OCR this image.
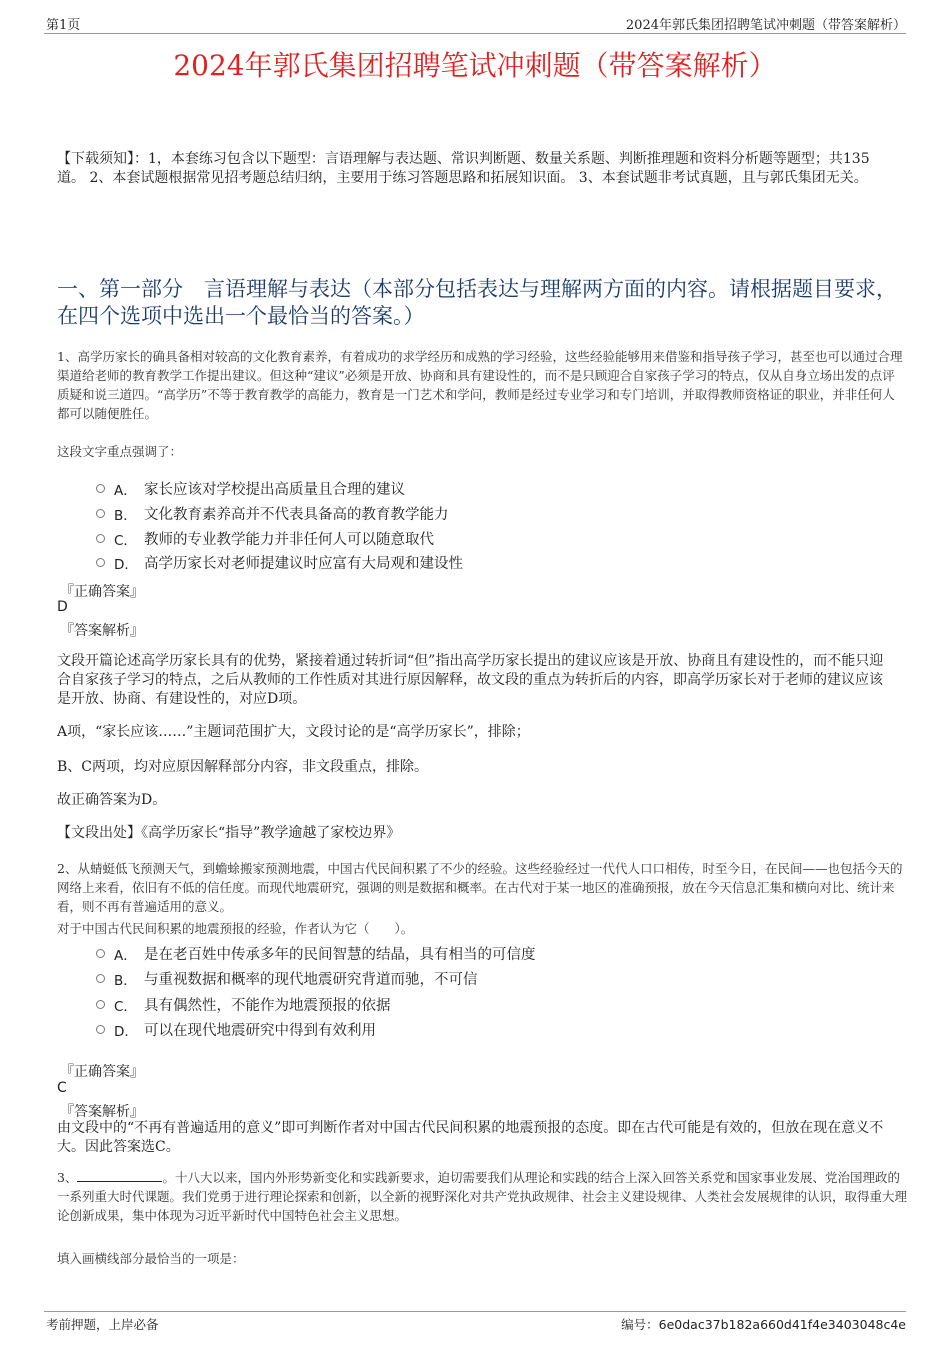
第1页	2024年郭氏集团招聘笔试冲刺题（带答案解析）
2024年郭氏集团招聘笔试冲刺题（带答案解析）
【下载须知】：1，本套练习包含以下题型：言语理解与表达题、常识判断题、数量关系题、判断推理题和资料分析题等题型；共135道。 2、本套试题根据常见招考题总结归纳，主要用于练习答题思路和拓展知识面。 3、本套试题非考试真题，且与郭氏集团无关。
一、第一部分　言语理解与表达（本部分包括表达与理解两方面的内容。请根据题目要求，在四个选项中选出一个最恰当的答案。）
1、高学历家长的确具备相对较高的文化教育素养，有着成功的求学经历和成熟的学习经验，这些经验能够用来借鉴和指导孩子学习，甚至也可以通过合理渠道给老师的教育教学工作提出建议。但这种“建议”必须是开放、协商和具有建设性的，而不是只顾迎合自家孩子学习的特点，仅从自身立场出发的点评质疑和说三道四。“高学历”不等于教育教学的高能力，教育是一门艺术和学问，教师是经过专业学习和专门培训，并取得教师资格证的职业，并非任何人都可以随便胜任。
这段文字重点强调了：
A． 家长应该对学校提出高质量且合理的建议
B． 文化教育素养高并不代表具备高的教育教学能力
C． 教师的专业教学能力并非任何人可以随意取代
D． 高学历家长对老师提建议时应富有大局观和建设性
『正确答案』
D
『答案解析』
文段开篇论述高学历家长具有的优势，紧接着通过转折词“但”指出高学历家长提出的建议应该是开放、协商且有建设性的，而不能只迎合自家孩子学习的特点，之后从教师的工作性质对其进行原因解释，故文段的重点为转折后的内容，即高学历家长对于老师的建议应该是开放、协商、有建设性的，对应D项。
A项，“家长应该……”主题词范围扩大，文段讨论的是“高学历家长”，排除；
B、C两项，均对应原因解释部分内容，非文段重点，排除。
故正确答案为D。
【文段出处】《高学历家长“指导”教学逾越了家校边界》
2、从蜻蜓低飞预测天气，到蟾蜍搬家预测地震，中国古代民间积累了不少的经验。这些经验经过一代代人口口相传，时至今日，在民间——也包括今天的网络上来看，依旧有不低的信任度。而现代地震研究，强调的则是数据和概率。在古代对于某一地区的准确预报，放在今天信息汇集和横向对比、统计来看，则不再有普遍适用的意义。
对于中国古代民间积累的地震预报的经验，作者认为它（　　）。
A． 是在老百姓中传承多年的民间智慧的结晶，具有相当的可信度
B． 与重视数据和概率的现代地震研究背道而驰，不可信
C． 具有偶然性，不能作为地震预报的依据
D． 可以在现代地震研究中得到有效利用
『正确答案』
C
『答案解析』
由文段中的“不再有普遍适用的意义”即可判断作者对中国古代民间积累的地震预报的态度。即在古代可能是有效的，但放在现在意义不大。因此答案选C。
3、	。十八大以来，国内外形势新变化和实践新要求，迫切需要我们从理论和实践的结合上深入回答关系党和国家事业发展、党治国理政的一系列重大时代课题。我们党勇于进行理论探索和创新，以全新的视野深化对共产党执政规律、社会主义建设规律、人类社会发展规律的认识，取得重大理论创新成果，集中体现为习近平新时代中国特色社会主义思想。
填入画横线部分最恰当的一项是：
考前押题，上岸必备	编号：6e0dac37b182a660d41f4e3403048c4e
